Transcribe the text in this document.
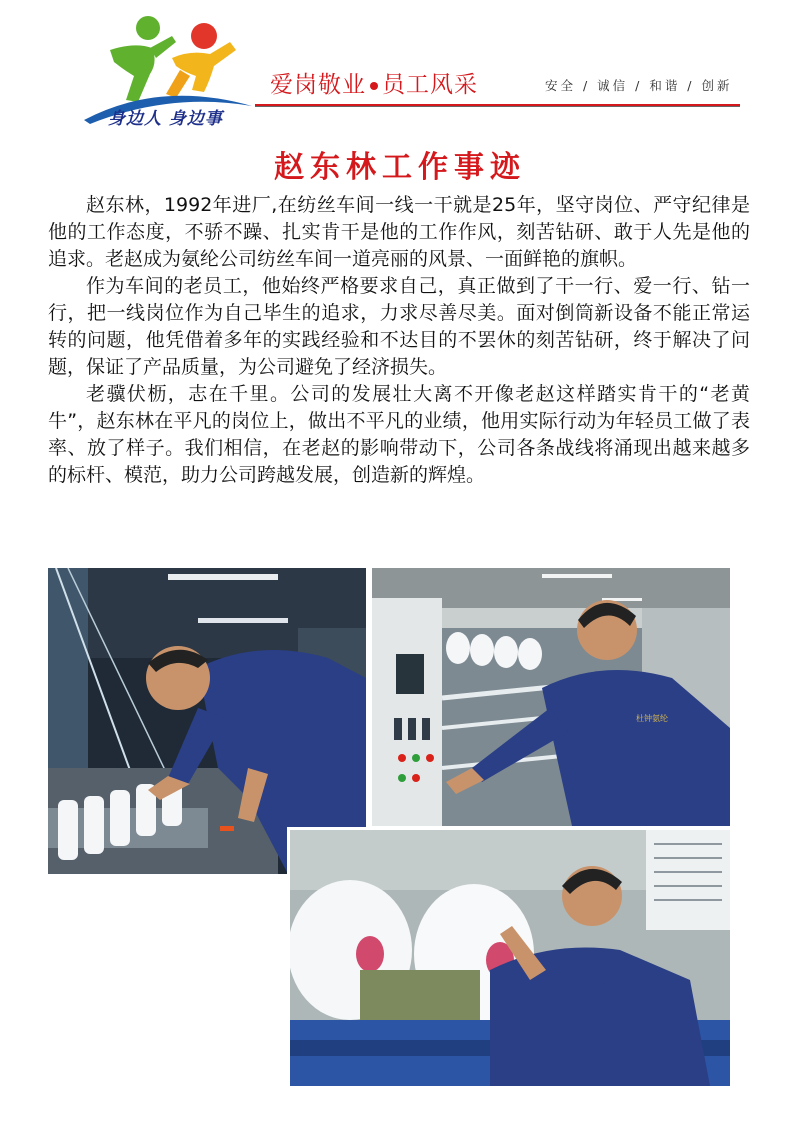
身边人 身边事
爱岗敬业 员工风采	安全 / 诚信 / 和谐 / 创新
赵东林工作事迹

赵东林，1992年进厂,在纺丝车间一线一干就是25年，坚守岗位、严守纪律是他的工作态度，不骄不躁、扎实肯干是他的工作作风，刻苦钻研、敢于人先是他的追求。老赵成为氨纶公司纺丝车间一道亮丽的风景、一面鲜艳的旗帜。

作为车间的老员工，他始终严格要求自己，真正做到了干一行、爱一行、钻一行，把一线岗位作为自己毕生的追求，力求尽善尽美。面对倒筒新设备不能正常运转的问题，他凭借着多年的实践经验和不达目的不罢休的刻苦钻研，终于解决了问题，保证了产品质量，为公司避免了经济损失。

老骥伏枥，志在千里。公司的发展壮大离不开像老赵这样踏实肯干的“老黄牛”，赵东林在平凡的岗位上，做出不平凡的业绩，他用实际行动为年轻员工做了表率、放了样子。我们相信，在老赵的影响带动下，公司各条战线将涌现出越来越多的标杆、模范，助力公司跨越发展，创造新的辉煌。

杜钟氨纶
